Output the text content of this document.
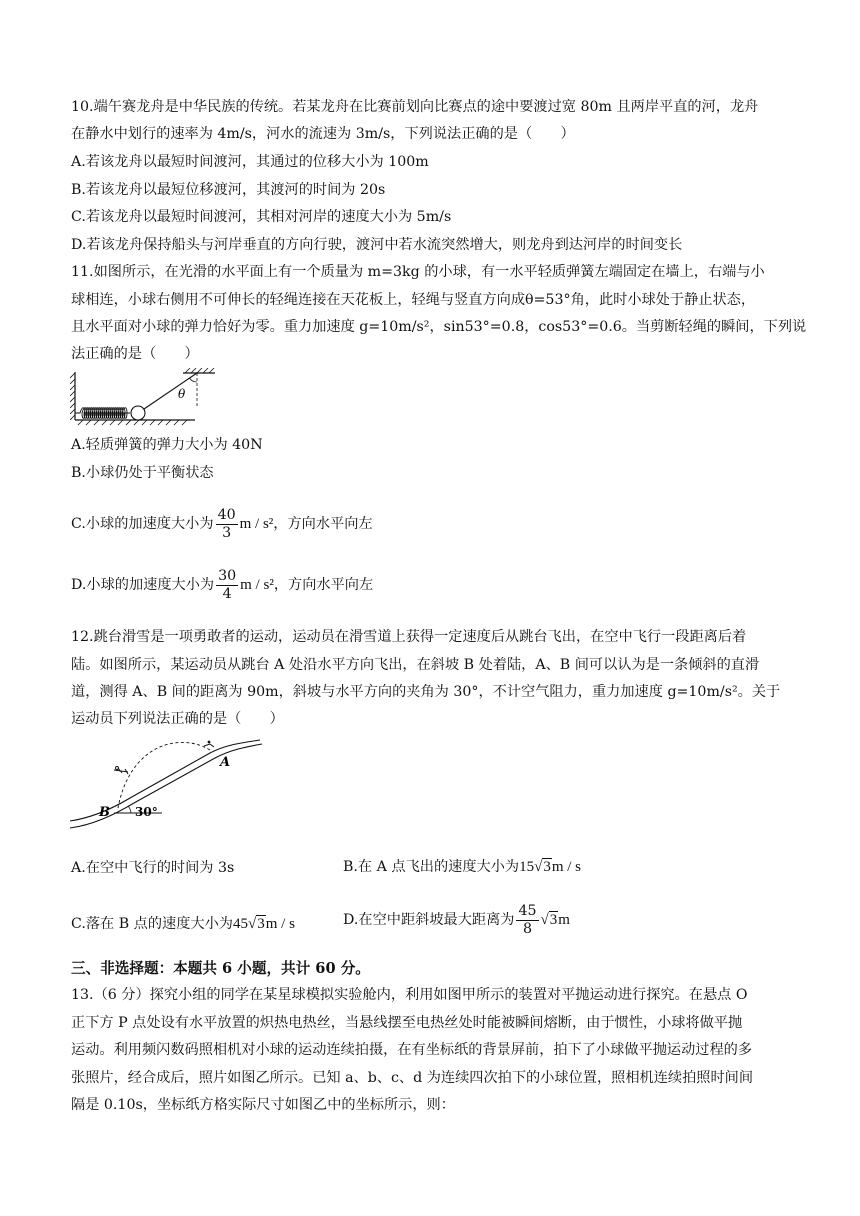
10.端午赛龙舟是中华民族的传统。若某龙舟在比赛前划向比赛点的途中要渡过宽 80m 且两岸平直的河，龙舟
在静水中划行的速率为 4m/s，河水的流速为 3m/s，下列说法正确的是（　　）
A.若该龙舟以最短时间渡河，其通过的位移大小为 100m
B.若该龙舟以最短位移渡河，其渡河的时间为 20s
C.若该龙舟以最短时间渡河，其相对河岸的速度大小为 5m/s
D.若该龙舟保持船头与河岸垂直的方向行驶，渡河中若水流突然增大，则龙舟到达河岸的时间变长
11.如图所示，在光滑的水平面上有一个质量为 m=3kg 的小球，有一水平轻质弹簧左端固定在墙上，右端与小
球相连，小球右侧用不可伸长的轻绳连接在天花板上，轻绳与竖直方向成θ=53°角，此时小球处于静止状态，
且水平面对小球的弹力恰好为零。重力加速度 g=10m/s²，sin53°=0.8，cos53°=0.6。当剪断轻绳的瞬间，下列说
法正确的是（　　）
θ
A.轻质弹簧的弹力大小为 40N
B.小球仍处于平衡状态
C.小球的加速度大小为 $\frac{40}{3}$ m / s²，方向水平向左
D.小球的加速度大小为 $\frac{30}{4}$ m / s²，方向水平向左
12.跳台滑雪是一项勇敢者的运动，运动员在滑雪道上获得一定速度后从跳台飞出，在空中飞行一段距离后着
陆。如图所示，某运动员从跳台 A 处沿水平方向飞出，在斜坡 B 处着陆，A、B 间可以认为是一条倾斜的直滑
道，测得 A、B 间的距离为 90m，斜坡与水平方向的夹角为 30°，不计空气阻力，重力加速度 g=10m/s²。关于
运动员下列说法正确的是（　　）
A
B 30°
A.在空中飞行的时间为 3s	B.在 A 点飞出的速度大小为15√3m / s
C.落在 B 点的速度大小为45√3m / s	D.在空中距斜坡最大距离为 $\frac{45}{8} √3m$
三、非选择题：本题共 6 小题，共计 60 分。
13.（6 分）探究小组的同学在某星球模拟实验舱内，利用如图甲所示的装置对平抛运动进行探究。在悬点 O
正下方 P 点处设有水平放置的炽热电热丝，当悬线摆至电热丝处时能被瞬间熔断，由于惯性，小球将做平抛
运动。利用频闪数码照相机对小球的运动连续拍摄，在有坐标纸的背景屏前，拍下了小球做平抛运动过程的多
张照片，经合成后，照片如图乙所示。已知 a、b、c、d 为连续四次拍下的小球位置，照相机连续拍照时间间
隔是 0.10s，坐标纸方格实际尺寸如图乙中的坐标所示，则：
